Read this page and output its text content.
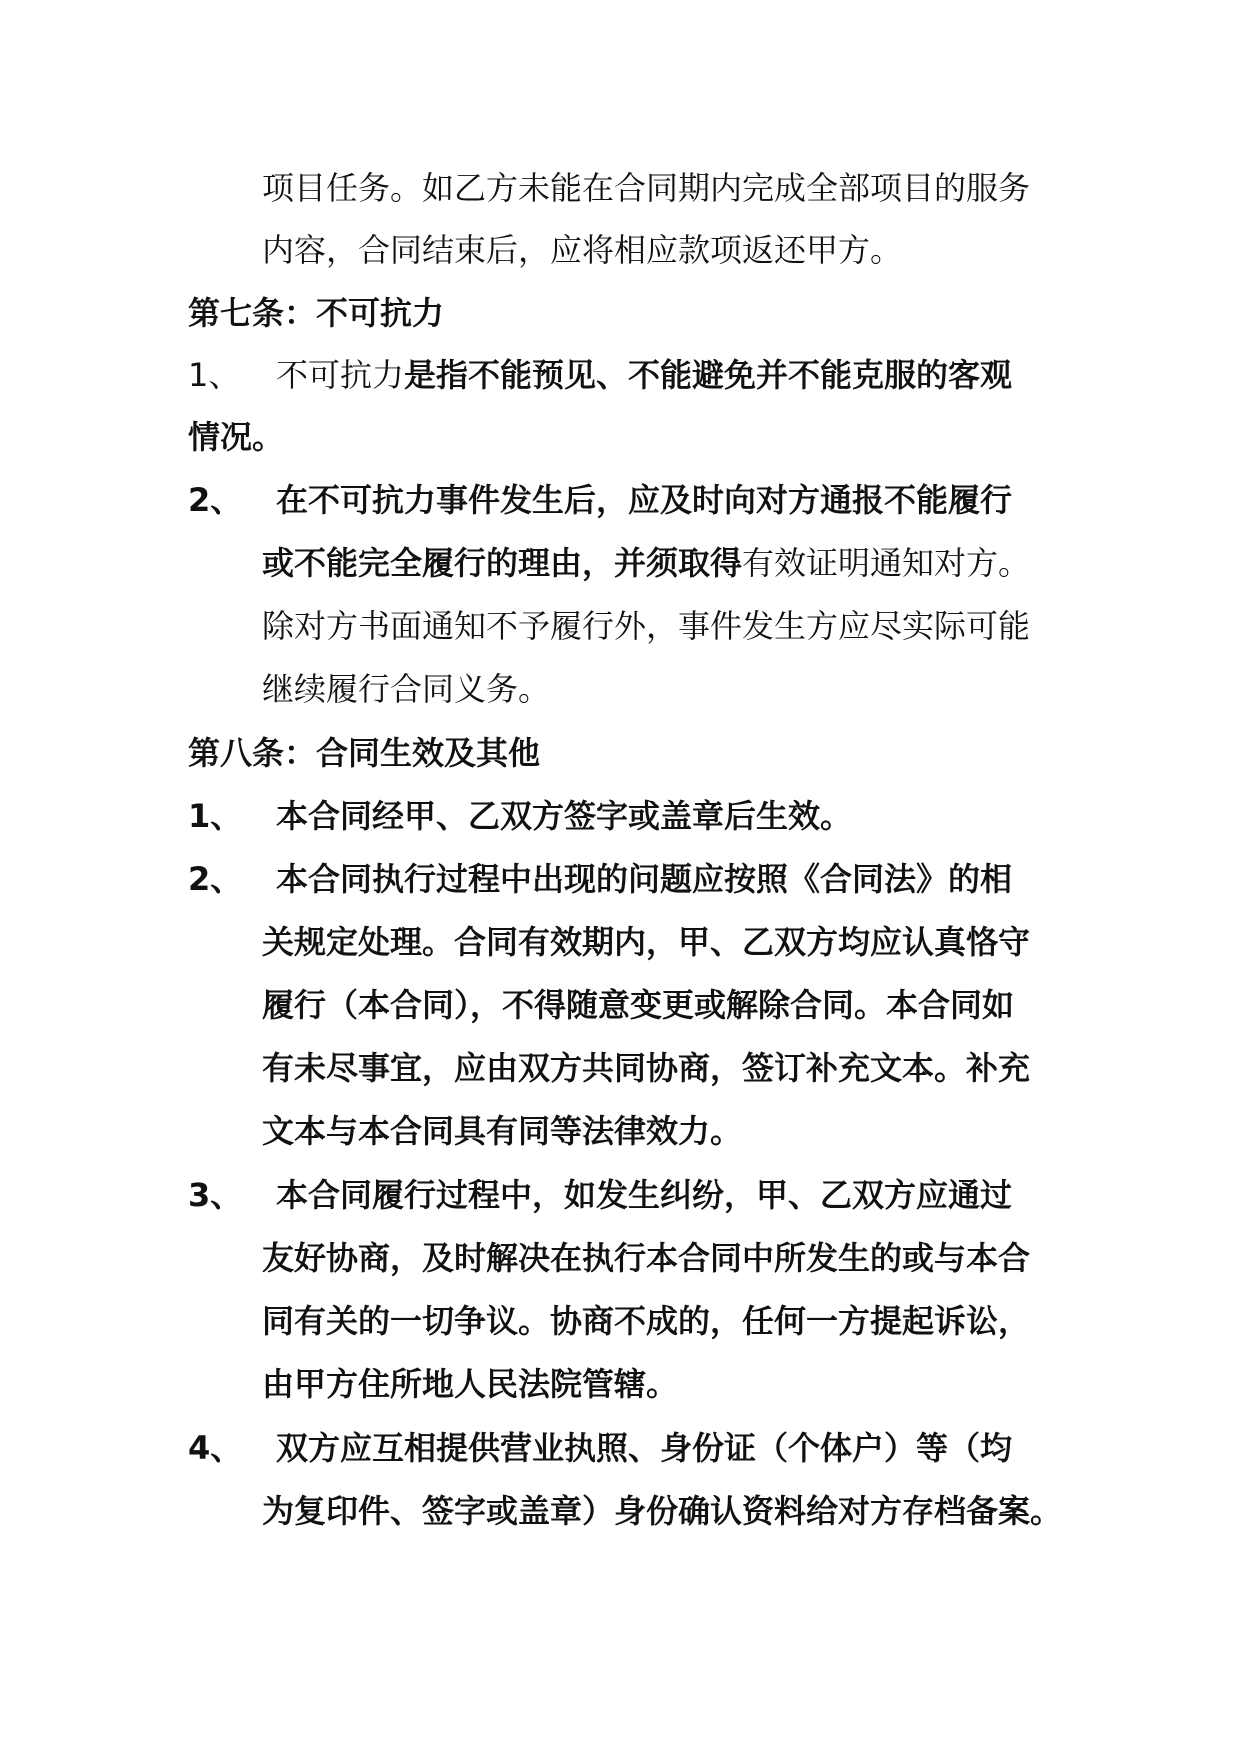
项目任务。如乙方未能在合同期内完成全部项目的服务
内容，合同结束后，应将相应款项返还甲方。
第七条：不可抗力
1、 不可抗力是指不能预见、不能避免并不能克服的客观
情况。
2、 在不可抗力事件发生后，应及时向对方通报不能履行
或不能完全履行的理由，并须取得有效证明通知对方。
除对方书面通知不予履行外，事件发生方应尽实际可能
继续履行合同义务。
第八条：合同生效及其他
1、 本合同经甲、乙双方签字或盖章后生效。
2、 本合同执行过程中出现的问题应按照《合同法》的相
关规定处理。合同有效期内，甲、乙双方均应认真恪守
履行（本合同），不得随意变更或解除合同。本合同如
有未尽事宜，应由双方共同协商，签订补充文本。补充
文本与本合同具有同等法律效力。
3、 本合同履行过程中，如发生纠纷，甲、乙双方应通过
友好协商，及时解决在执行本合同中所发生的或与本合
同有关的一切争议。协商不成的，任何一方提起诉讼，
由甲方住所地人民法院管辖。
4、 双方应互相提供营业执照、身份证（个体户）等（均
为复印件、签字或盖章）身份确认资料给对方存档备案。
